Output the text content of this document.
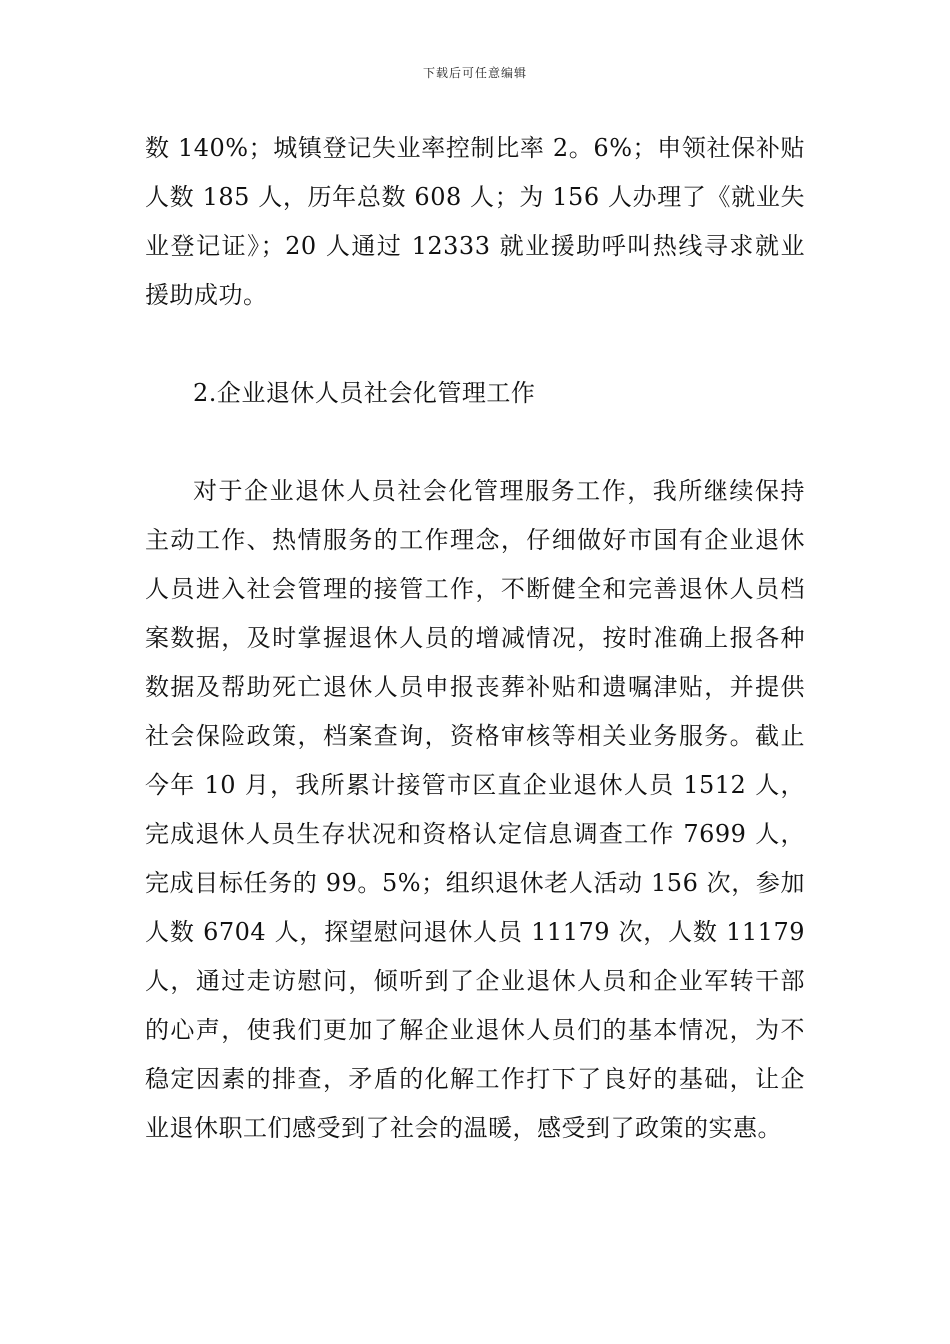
下载后可任意编辑

数 140%；城镇登记失业率控制比率 2。6%；申领社保补贴人数 185 人，历年总数 608 人；为 156 人办理了《就业失业登记证》；20 人通过 12333 就业援助呼叫热线寻求就业援助成功。

2.企业退休人员社会化管理工作

对于企业退休人员社会化管理服务工作，我所继续保持主动工作、热情服务的工作理念，仔细做好市国有企业退休人员进入社会管理的接管工作，不断健全和完善退休人员档案数据，及时掌握退休人员的增减情况，按时准确上报各种数据及帮助死亡退休人员申报丧葬补贴和遗嘱津贴，并提供社会保险政策，档案查询，资格审核等相关业务服务。截止今年 10 月，我所累计接管市区直企业退休人员 1512 人，完成退休人员生存状况和资格认定信息调查工作 7699 人，完成目标任务的 99。5%；组织退休老人活动 156 次，参加人数 6704 人，探望慰问退休人员 11179 次，人数 11179 人，通过走访慰问，倾听到了企业退休人员和企业军转干部的心声，使我们更加了解企业退休人员们的基本情况，为不稳定因素的排查，矛盾的化解工作打下了良好的基础，让企业退休职工们感受到了社会的温暖，感受到了政策的实惠。
